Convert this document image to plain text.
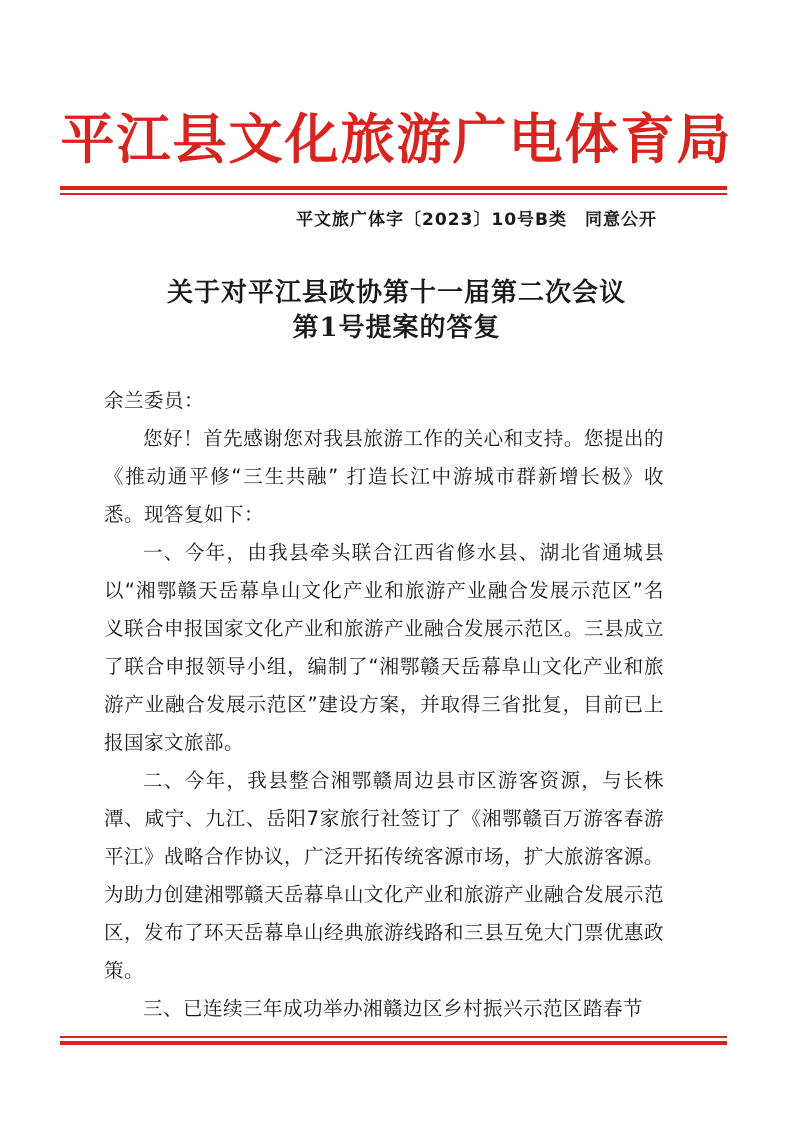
平江县文化旅游广电体育局
平文旅广体字〔2023〕10号B类　同意公开
关于对平江县政协第十一届第二次会议
第1号提案的答复

余兰委员：

您好！首先感谢您对我县旅游工作的关心和支持。您提出的《推动通平修“三生共融” 打造长江中游城市群新增长极》收悉。现答复如下：

一、今年，由我县牵头联合江西省修水县、湖北省通城县以“湘鄂赣天岳幕阜山文化产业和旅游产业融合发展示范区”名义联合申报国家文化产业和旅游产业融合发展示范区。三县成立了联合申报领导小组，编制了“湘鄂赣天岳幕阜山文化产业和旅游产业融合发展示范区”建设方案，并取得三省批复，目前已上报国家文旅部。

二、今年，我县整合湘鄂赣周边县市区游客资源，与长株潭、咸宁、九江、岳阳7家旅行社签订了《湘鄂赣百万游客春游平江》战略合作协议，广泛开拓传统客源市场，扩大旅游客源。为助力创建湘鄂赣天岳幕阜山文化产业和旅游产业融合发展示范区，发布了环天岳幕阜山经典旅游线路和三县互免大门票优惠政策。

三、已连续三年成功举办湘赣边区乡村振兴示范区踏春节
